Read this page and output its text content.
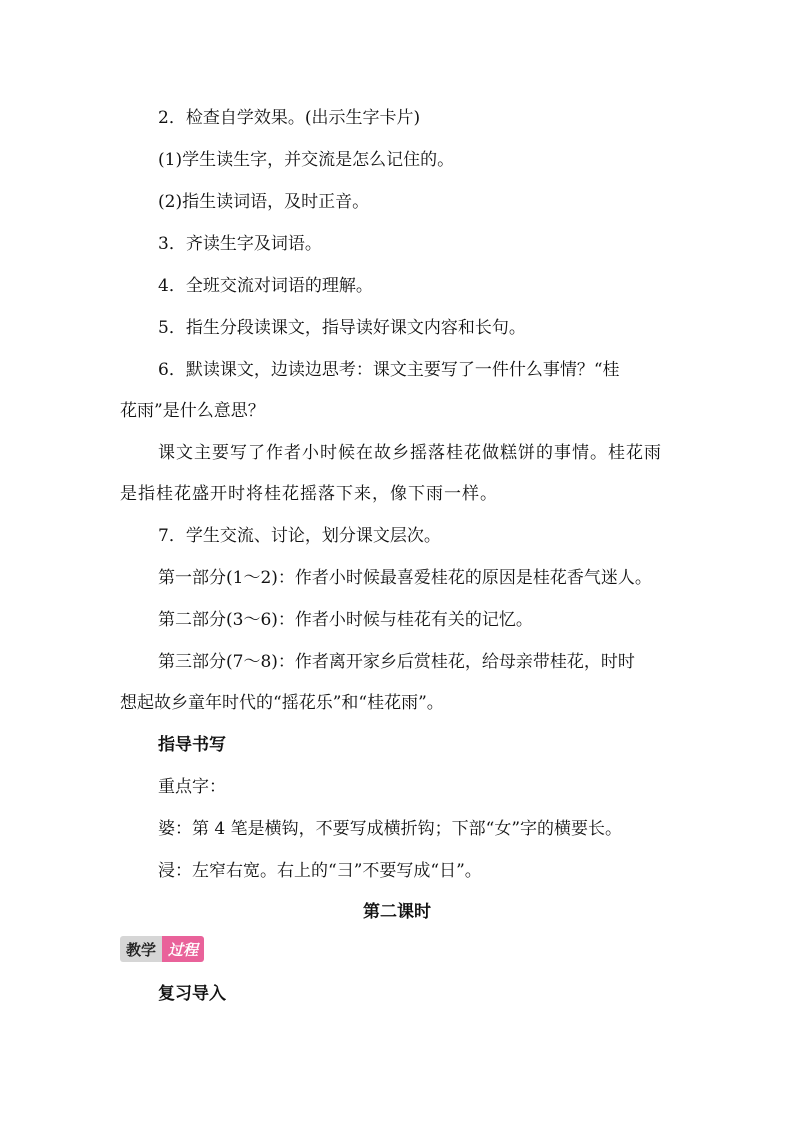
2．检查自学效果。(出示生字卡片)
(1)学生读生字，并交流是怎么记住的。
(2)指生读词语，及时正音。
3．齐读生字及词语。
4．全班交流对词语的理解。
5．指生分段读课文，指导读好课文内容和长句。
6．默读课文，边读边思考：课文主要写了一件什么事情？“桂
花雨”是什么意思？
课文主要写了作者小时候在故乡摇落桂花做糕饼的事情。桂花雨
是指桂花盛开时将桂花摇落下来，像下雨一样。
7．学生交流、讨论，划分课文层次。
第一部分(1～2)：作者小时候最喜爱桂花的原因是桂花香气迷人。
第二部分(3～6)：作者小时候与桂花有关的记忆。
第三部分(7～8)：作者离开家乡后赏桂花，给母亲带桂花，时时
想起故乡童年时代的“摇花乐”和“桂花雨”。
指导书写
重点字：
婆：第 4 笔是横钩，不要写成横折钩；下部“女”字的横要长。
浸：左窄右宽。右上的“彐”不要写成“日”。
第二课时
教学 过程
复习导入
